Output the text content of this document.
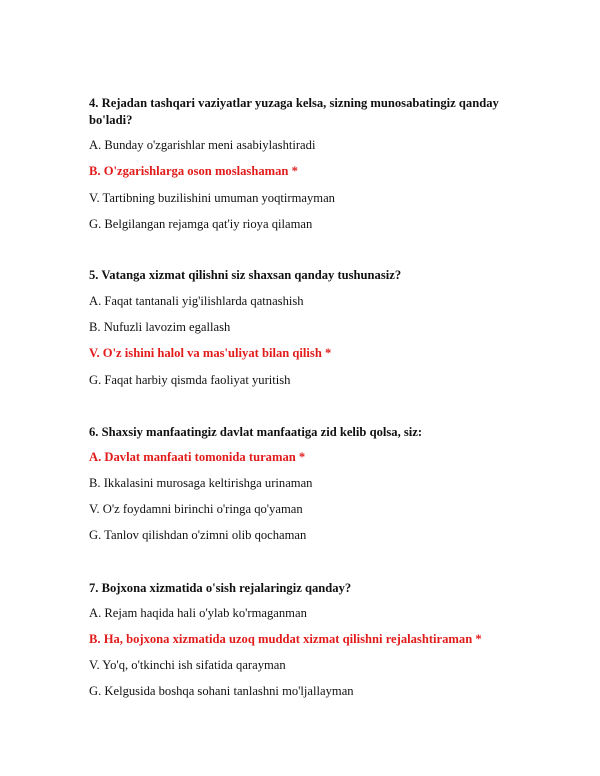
4. Rejadan tashqari vaziyatlar yuzaga kelsa, sizning munosabatingiz qanday bo'ladi?

A. Bunday o'zgarishlar meni asabiylashtiradi

B. O'zgarishlarga oson moslashaman *

V. Tartibning buzilishini umuman yoqtirmayman

G. Belgilangan rejamga qat'iy rioya qilaman

5. Vatanga xizmat qilishni siz shaxsan qanday tushunasiz?

A. Faqat tantanali yig'ilishlarda qatnashish

B. Nufuzli lavozim egallash

V. O'z ishini halol va mas'uliyat bilan qilish *

G. Faqat harbiy qismda faoliyat yuritish

6. Shaxsiy manfaatingiz davlat manfaatiga zid kelib qolsa, siz:

A. Davlat manfaati tomonida turaman *

B. Ikkalasini murosaga keltirishga urinaman

V. O'z foydamni birinchi o'ringa qo'yaman

G. Tanlov qilishdan o'zimni olib qochaman

7. Bojxona xizmatida o'sish rejalaringiz qanday?

A. Rejam haqida hali o'ylab ko'rmaganman

B. Ha, bojxona xizmatida uzoq muddat xizmat qilishni rejalashtiraman *

V. Yo'q, o'tkinchi ish sifatida qarayman

G. Kelgusida boshqa sohani tanlashni mo'ljallayman
